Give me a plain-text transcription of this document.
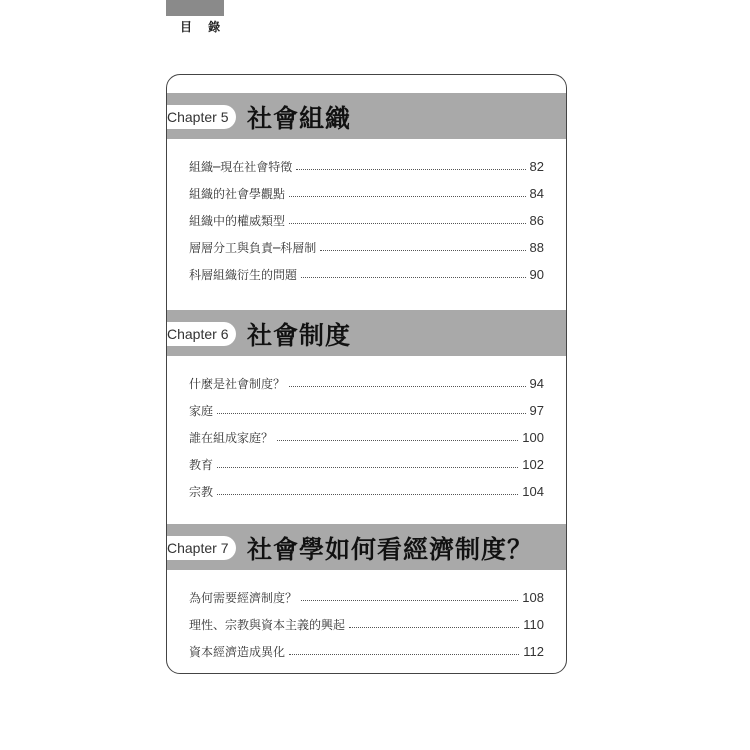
目 錄
Chapter 5 社會組織
組織─現在社會特徵	82
組織的社會學觀點	84
組織中的權威類型	86
層層分工與負責─科層制	88
科層組織衍生的問題	90
Chapter 6 社會制度
什麼是社會制度？	94
家庭	97
誰在組成家庭？	100
教育	102
宗教	104
Chapter 7 社會學如何看經濟制度？
為何需要經濟制度？	108
理性、宗教與資本主義的興起	110
資本經濟造成異化	112
